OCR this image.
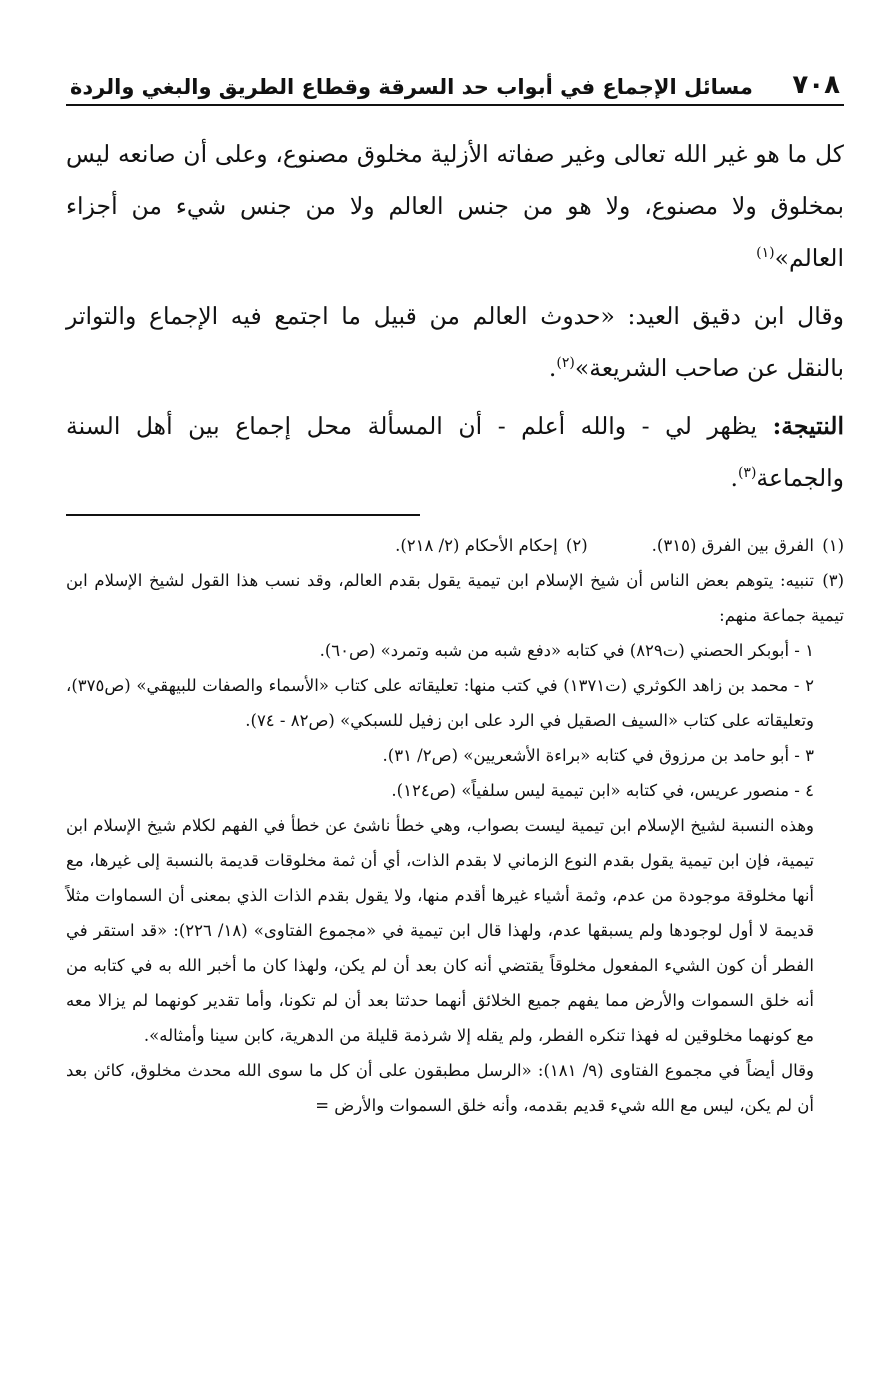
٧٠٨
مسائل الإجماع في أبواب حد السرقة وقطاع الطريق والبغي والردة

كل ما هو غير الله تعالى وغير صفاته الأزلية مخلوق مصنوع، وعلى أن صانعه ليس بمخلوق ولا مصنوع، ولا هو من جنس العالم ولا من جنس شيء من أجزاء العالم»$^{(١)}$

وقال ابن دقيق العيد: «حدوث العالم من قبيل ما اجتمع فيه الإجماع والتواتر بالنقل عن صاحب الشريعة»$^{(٢)}$.

النتيجة: يظهر لي - والله أعلم - أن المسألة محل إجماع بين أهل السنة والجماعة$^{(٣)}$.

(١)الفرق بين الفرق (٣١٥).

(٢)إحكام الأحكام (٢/ ٢١٨).

(٣)تنبيه: يتوهم بعض الناس أن شيخ الإسلام ابن تيمية يقول بقدم العالم، وقد نسب هذا القول لشيخ الإسلام ابن تيمية جماعة منهم:

١ - أبوبكر الحصني (ت٨٢٩) في كتابه «دفع شبه من شبه وتمرد» (ص٦٠).

٢ - محمد بن زاهد الكوثري (ت١٣٧١) في كتب منها: تعليقاته على كتاب «الأسماء والصفات للبيهقي» (ص٣٧٥)، وتعليقاته على كتاب «السيف الصقيل في الرد على ابن زفيل للسبكي» (ص٨٢ - ٧٤).

٣ - أبو حامد بن مرزوق في كتابه «براءة الأشعريين» (ص٢/ ٣١).

٤ - منصور عريس، في كتابه «ابن تيمية ليس سلفياً» (ص١٢٤).

وهذه النسبة لشيخ الإسلام ابن تيمية ليست بصواب، وهي خطأ ناشئ عن خطأ في الفهم لكلام شيخ الإسلام ابن تيمية، فإن ابن تيمية يقول بقدم النوع الزماني لا بقدم الذات، أي أن ثمة مخلوقات قديمة بالنسبة إلى غيرها، مع أنها مخلوقة موجودة من عدم، وثمة أشياء غيرها أقدم منها، ولا يقول بقدم الذات الذي بمعنى أن السماوات مثلاً قديمة لا أول لوجودها ولم يسبقها عدم، ولهذا قال ابن تيمية في «مجموع الفتاوى» (١٨/ ٢٢٦): «قد استقر في الفطر أن كون الشيء المفعول مخلوقاً يقتضي أنه كان بعد أن لم يكن، ولهذا كان ما أخبر الله به في كتابه من أنه خلق السموات والأرض مما يفهم جميع الخلائق أنهما حدثتا بعد أن لم تكونا، وأما تقدير كونهما لم يزالا معه مع كونهما مخلوقين له فهذا تنكره الفطر، ولم يقله إلا شرذمة قليلة من الدهرية، كابن سينا وأمثاله».

وقال أيضاً في مجموع الفتاوى (٩/ ١٨١): «الرسل مطبقون على أن كل ما سوى الله محدث مخلوق، كائن بعد أن لم يكن، ليس مع الله شيء قديم بقدمه، وأنه خلق السموات والأرض =
